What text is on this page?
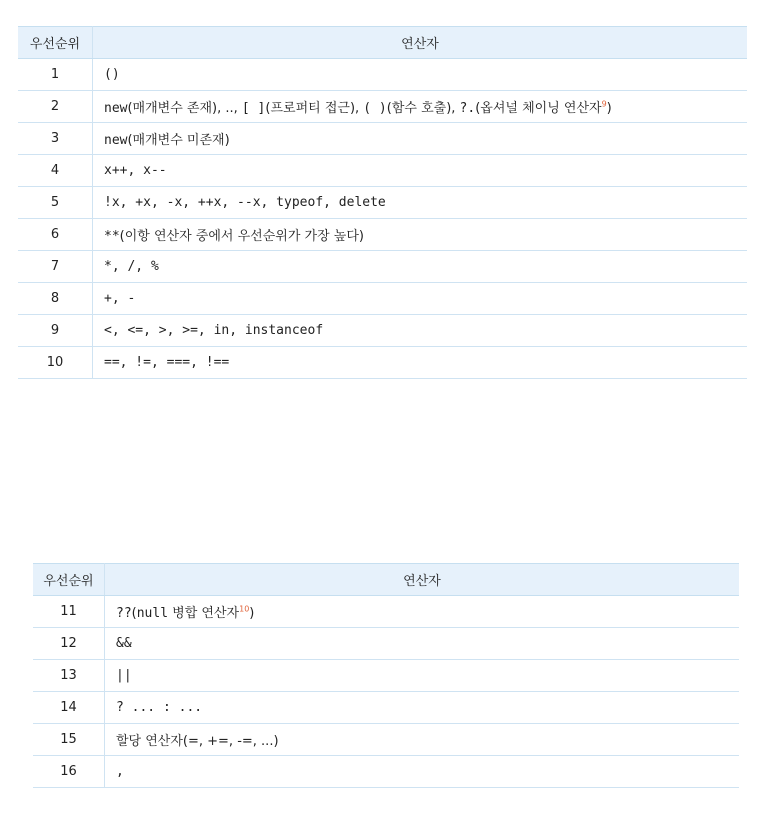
우선순위	연산자
1	()
2	new(매개변수 존재), .., [ ](프로퍼티 접근), ( )(함수 호출), ?.(옵셔널 체이닝 연산자$^9$)
3	new(매개변수 미존재)
4	x++, x--
5	!x, +x, -x, ++x, --x, typeof, delete
6	**(이항 연산자 중에서 우선순위가 가장 높다)
7	*, /, %
8	+, -
9	<, <=, >, >=, in, instanceof
10	==, !=, ===, !==
우선순위	연산자
11	??(null 병합 연산자$^{10}$)
12	&&
13	||
14	? ... : ...
15	할당 연산자(=, +=, -=, ...)
16	,
